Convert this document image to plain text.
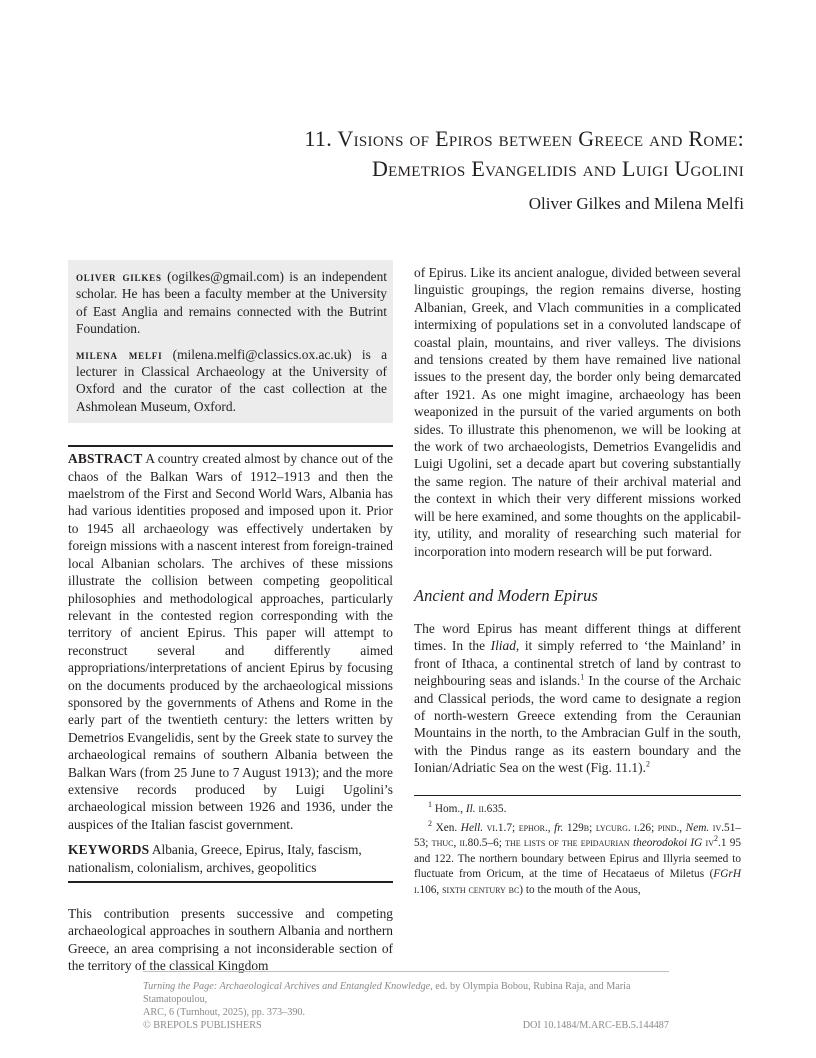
11. Visions of Epiros between Greece and Rome:
Demetrios Evangelidis and Luigi Ugolini
Oliver Gilkes and Milena Melfi

oliver gilkes (ogilkes@gmail.com) is an independent scholar. He has been a faculty member at the University of East Anglia and remains connected with the Butrint Foundation.

milena melfi (milena.melfi@classics.ox.ac.uk) is a lecturer in Classical Archaeology at the University of Oxford and the curator of the cast collection at the Ashmolean Museum, Oxford.

ABSTRACT A country created almost by chance out of the chaos of the Balkan Wars of 1912–1913 and then the maelstrom of the First and Second World Wars, Albania has had various identities proposed and imposed upon it. Prior to 1945 all archaeology was effectively undertaken by foreign missions with a nascent interest from foreign-trained local Albanian scholars. The archives of these missions illustrate the collision between competing geopolitical philosophies and methodological approaches, particularly relevant in the contested region corresponding with the territory of ancient Epirus. This paper will attempt to reconstruct several and differently aimed appropriations/interpretations of ancient Epirus by focusing on the documents produced by the archaeological missions sponsored by the governments of Athens and Rome in the early part of the twentieth century: the letters written by Demetrios Evangelidis, sent by the Greek state to survey the archaeological remains of southern Albania between the Balkan Wars (from 25 June to 7 August 1913); and the more extensive records produced by Luigi Ugolini’s archaeological mission between 1926 and 1936, under the auspices of the Italian fascist government.

KEYWORDS Albania, Greece, Epirus, Italy, fascism, nationalism, colonialism, archives, geopolitics

This contribution presents successive and competing archaeological approaches in southern Albania and northern Greece, an area comprising a not inconsiderable section of the territory of the classical Kingdom

of Epirus. Like its ancient analogue, divided between several linguistic groupings, the region remains diverse, hosting Albanian, Greek, and Vlach communities in a complicated intermixing of populations set in a convoluted landscape of coastal plain, mountains, and river valleys. The divisions and tensions created by them have remained live national issues to the present day, the border only being demarcated after 1921. As one might imagine, archaeology has been weaponized in the pursuit of the varied arguments on both sides. To illustrate this phenomenon, we will be looking at the work of two archaeologists, Demetrios Evangelidis and Luigi Ugolini, set a decade apart but covering substantially the same region. The nature of their archival material and the context in which their very different missions worked will be here examined, and some thoughts on the applicability, utility, and morality of researching such material for incorporation into modern research will be put forward.

Ancient and Modern Epirus

The word Epirus has meant different things at different times. In the Iliad, it simply referred to ‘the Mainland’ in front of Ithaca, a continental stretch of land by contrast to neighbouring seas and islands.$^1$ In the course of the Archaic and Classical periods, the word came to designate a region of north-western Greece extending from the Ceraunian Mountains in the north, to the Ambracian Gulf in the south, with the Pindus range as its eastern boundary and the Ionian/Adriatic Sea on the west (Fig. 11.1).$^2$

$^1$ Hom., Il. ii.635.

$^2$ Xen. Hell. vi.1.7; ephor., fr. 129b; lycurg. i.26; pind., Nem. iv.51–53; thuc, ii.80.5–6; the lists of the epidaurian theorodokoi IG $iv^2.1$ 95 and 122. The northern boundary between Epirus and Illyria seemed to fluctuate from Oricum, at the time of Hecataeus of Miletus (FGrH i.106, sixth century bc) to the mouth of the Aous,

Turning the Page: Archaeological Archives and Entangled Knowledge, ed. by Olympia Bobou, Rubina Raja, and Maria Stamatopoulou,

ARC, 6 (Turnhout, 2025), pp. 373–390.

© BREPOLS PUBLISHERS	DOI 10.1484/M.ARC-EB.5.144487
